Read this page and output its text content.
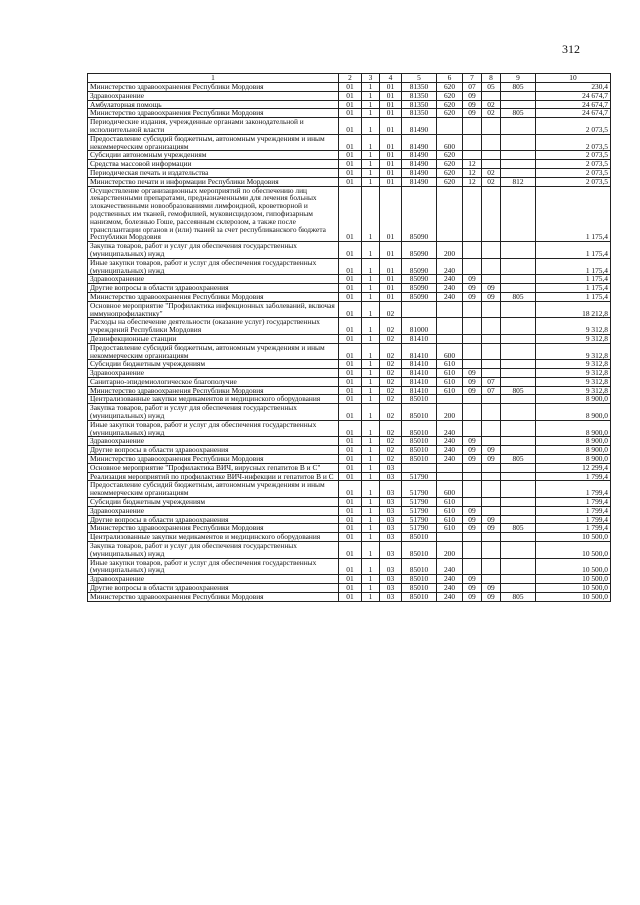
312
1	2	3	4	5	6	7	8	9	10
Министерство здравоохранения Республики Мордовия	01	1	01	81350	620	07	05	805	230,4
Здравоохранение	01	1	01	81350	620	09			24 674,7
Амбулаторная помощь	01	1	01	81350	620	09	02		24 674,7
Министерство здравоохранения Республики Мордовия	01	1	01	81350	620	09	02	805	24 674,7
Периодические издания, учрежденные органами законодательной и исполнительной власти	01	1	01	81490					2 073,5
Предоставление субсидий бюджетным, автономным учреждениям и иным некоммерческим организациям	01	1	01	81490	600				2 073,5
Субсидии автономным учреждениям	01	1	01	81490	620				2 073,5
Средства массовой информации	01	1	01	81490	620	12			2 073,5
Периодическая печать и издательства	01	1	01	81490	620	12	02		2 073,5
Министерство печати и информации Республики Мордовия	01	1	01	81490	620	12	02	812	2 073,5
Осуществление организационных мероприятий по обеспечению лиц лекарственными препаратами, предназначенными для лечения больных злокачественными новообразованиями лимфоидной, кроветворной и родственных им тканей, гемофилией, муковисцидозом, гипофизарным нанизмом, болезнью Гоше, рассеянным склерозом, а также после трансплантации органов и (или) тканей за счет республиканского бюджета Республики Мордовия	01	1	01	85090					1 175,4
Закупка товаров, работ и услуг для обеспечения государственных (муниципальных) нужд	01	1	01	85090	200				1 175,4
Иные закупки товаров, работ и услуг для обеспечения государственных (муниципальных) нужд	01	1	01	85090	240				1 175,4
Здравоохранение	01	1	01	85090	240	09			1 175,4
Другие вопросы в области здравоохранения	01	1	01	85090	240	09	09		1 175,4
Министерство здравоохранения Республики Мордовия	01	1	01	85090	240	09	09	805	1 175,4
Основное мероприятие "Профилактика инфекционных заболеваний, включая иммунопрофилактику"	01	1	02						18 212,8
Расходы на обеспечение деятельности (оказание услуг) государственных учреждений Республики Мордовия	01	1	02	81000					9 312,8
Дезинфекционные станции	01	1	02	81410					9 312,8
Предоставление субсидий бюджетным, автономным учреждениям и иным некоммерческим организациям	01	1	02	81410	600				9 312,8
Субсидии бюджетным учреждениям	01	1	02	81410	610				9 312,8
Здравоохранение	01	1	02	81410	610	09			9 312,8
Санитарно-эпидемиологическое благополучие	01	1	02	81410	610	09	07		9 312,8
Министерство здравоохранения Республики Мордовия	01	1	02	81410	610	09	07	805	9 312,8
Централизованные закупки медикаментов и медицинского оборудования	01	1	02	85010					8 900,0
Закупка товаров, работ и услуг для обеспечения государственных (муниципальных) нужд	01	1	02	85010	200				8 900,0
Иные закупки товаров, работ и услуг для обеспечения государственных (муниципальных) нужд	01	1	02	85010	240				8 900,0
Здравоохранение	01	1	02	85010	240	09			8 900,0
Другие вопросы в области здравоохранения	01	1	02	85010	240	09	09		8 900,0
Министерство здравоохранения Республики Мордовия	01	1	02	85010	240	09	09	805	8 900,0
Основное мероприятие "Профилактика ВИЧ, вирусных гепатитов В и С"	01	1	03						12 299,4
Реализация мероприятий по профилактике ВИЧ-инфекции и гепатитов В и С	01	1	03	51790					1 799,4
Предоставление субсидий бюджетным, автономным учреждениям и иным некоммерческим организациям	01	1	03	51790	600				1 799,4
Субсидии бюджетным учреждениям	01	1	03	51790	610				1 799,4
Здравоохранение	01	1	03	51790	610	09			1 799,4
Другие вопросы в области здравоохранения	01	1	03	51790	610	09	09		1 799,4
Министерство здравоохранения Республики Мордовия	01	1	03	51790	610	09	09	805	1 799,4
Централизованные закупки медикаментов и медицинского оборудования	01	1	03	85010					10 500,0
Закупка товаров, работ и услуг для обеспечения государственных (муниципальных) нужд	01	1	03	85010	200				10 500,0
Иные закупки товаров, работ и услуг для обеспечения государственных (муниципальных) нужд	01	1	03	85010	240				10 500,0
Здравоохранение	01	1	03	85010	240	09			10 500,0
Другие вопросы в области здравоохранения	01	1	03	85010	240	09	09		10 500,0
Министерство здравоохранения Республики Мордовия	01	1	03	85010	240	09	09	805	10 500,0
